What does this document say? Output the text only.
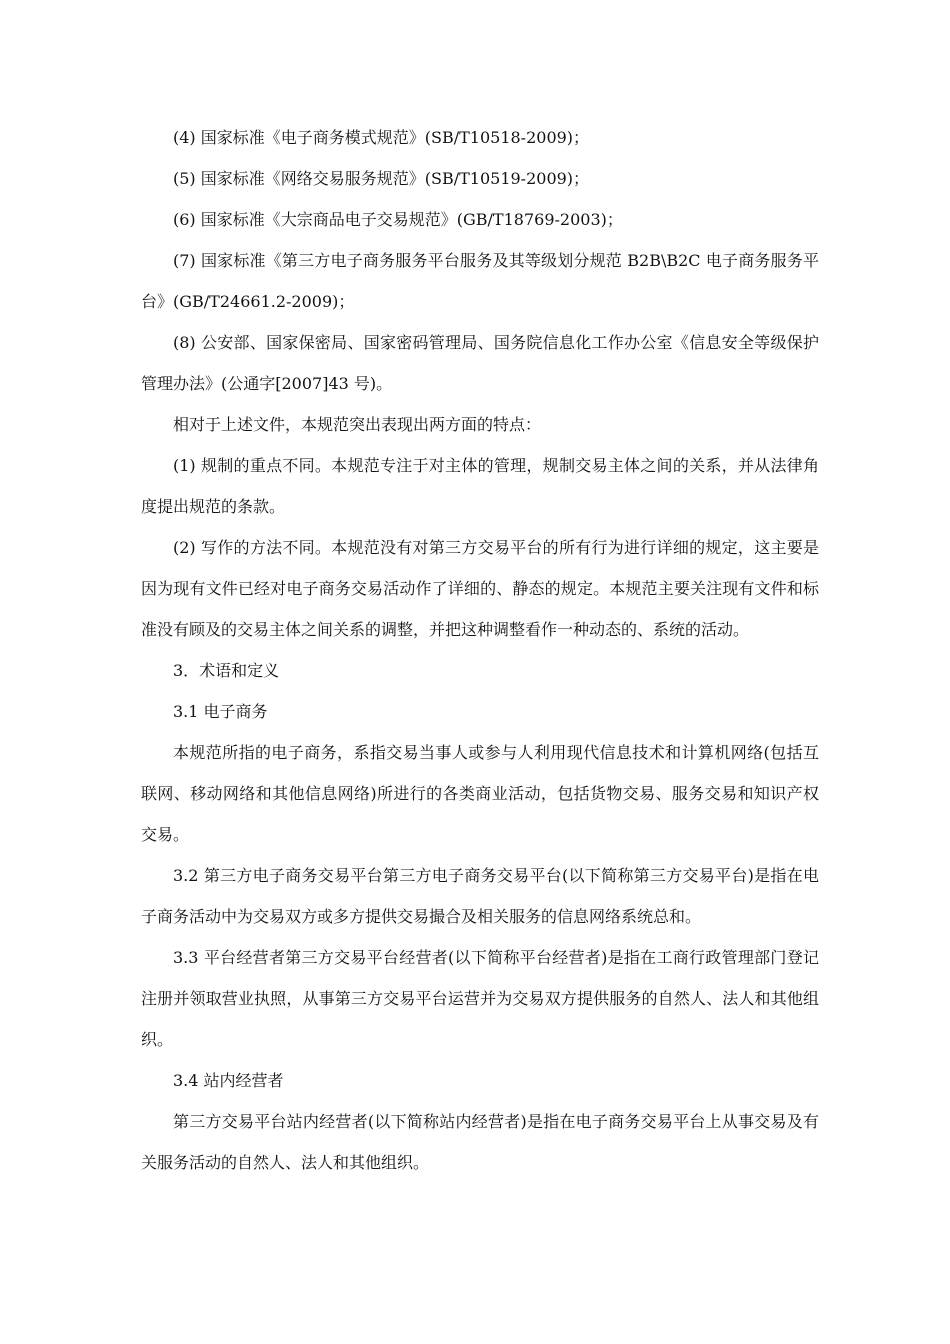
(4) 国家标准《电子商务模式规范》(SB/T10518-2009)；

(5) 国家标准《网络交易服务规范》(SB/T10519-2009)；

(6) 国家标准《大宗商品电子交易规范》(GB/T18769-2003)；

(7) 国家标准《第三方电子商务服务平台服务及其等级划分规范 B2B\B2C 电子商务服务平台》(GB/T24661.2-2009)；

(8) 公安部、国家保密局、国家密码管理局、国务院信息化工作办公室《信息安全等级保护管理办法》(公通字[2007]43 号)。

相对于上述文件，本规范突出表现出两方面的特点：

(1) 规制的重点不同。本规范专注于对主体的管理，规制交易主体之间的关系，并从法律角度提出规范的条款。

(2) 写作的方法不同。本规范没有对第三方交易平台的所有行为进行详细的规定，这主要是因为现有文件已经对电子商务交易活动作了详细的、静态的规定。本规范主要关注现有文件和标准没有顾及的交易主体之间关系的调整，并把这种调整看作一种动态的、系统的活动。

3．术语和定义

3.1 电子商务

本规范所指的电子商务，系指交易当事人或参与人利用现代信息技术和计算机网络(包括互联网、移动网络和其他信息网络)所进行的各类商业活动，包括货物交易、服务交易和知识产权交易。

3.2 第三方电子商务交易平台第三方电子商务交易平台(以下简称第三方交易平台)是指在电子商务活动中为交易双方或多方提供交易撮合及相关服务的信息网络系统总和。

3.3 平台经营者第三方交易平台经营者(以下简称平台经营者)是指在工商行政管理部门登记注册并领取营业执照，从事第三方交易平台运营并为交易双方提供服务的自然人、法人和其他组织。

3.4 站内经营者

第三方交易平台站内经营者(以下简称站内经营者)是指在电子商务交易平台上从事交易及有关服务活动的自然人、法人和其他组织。
